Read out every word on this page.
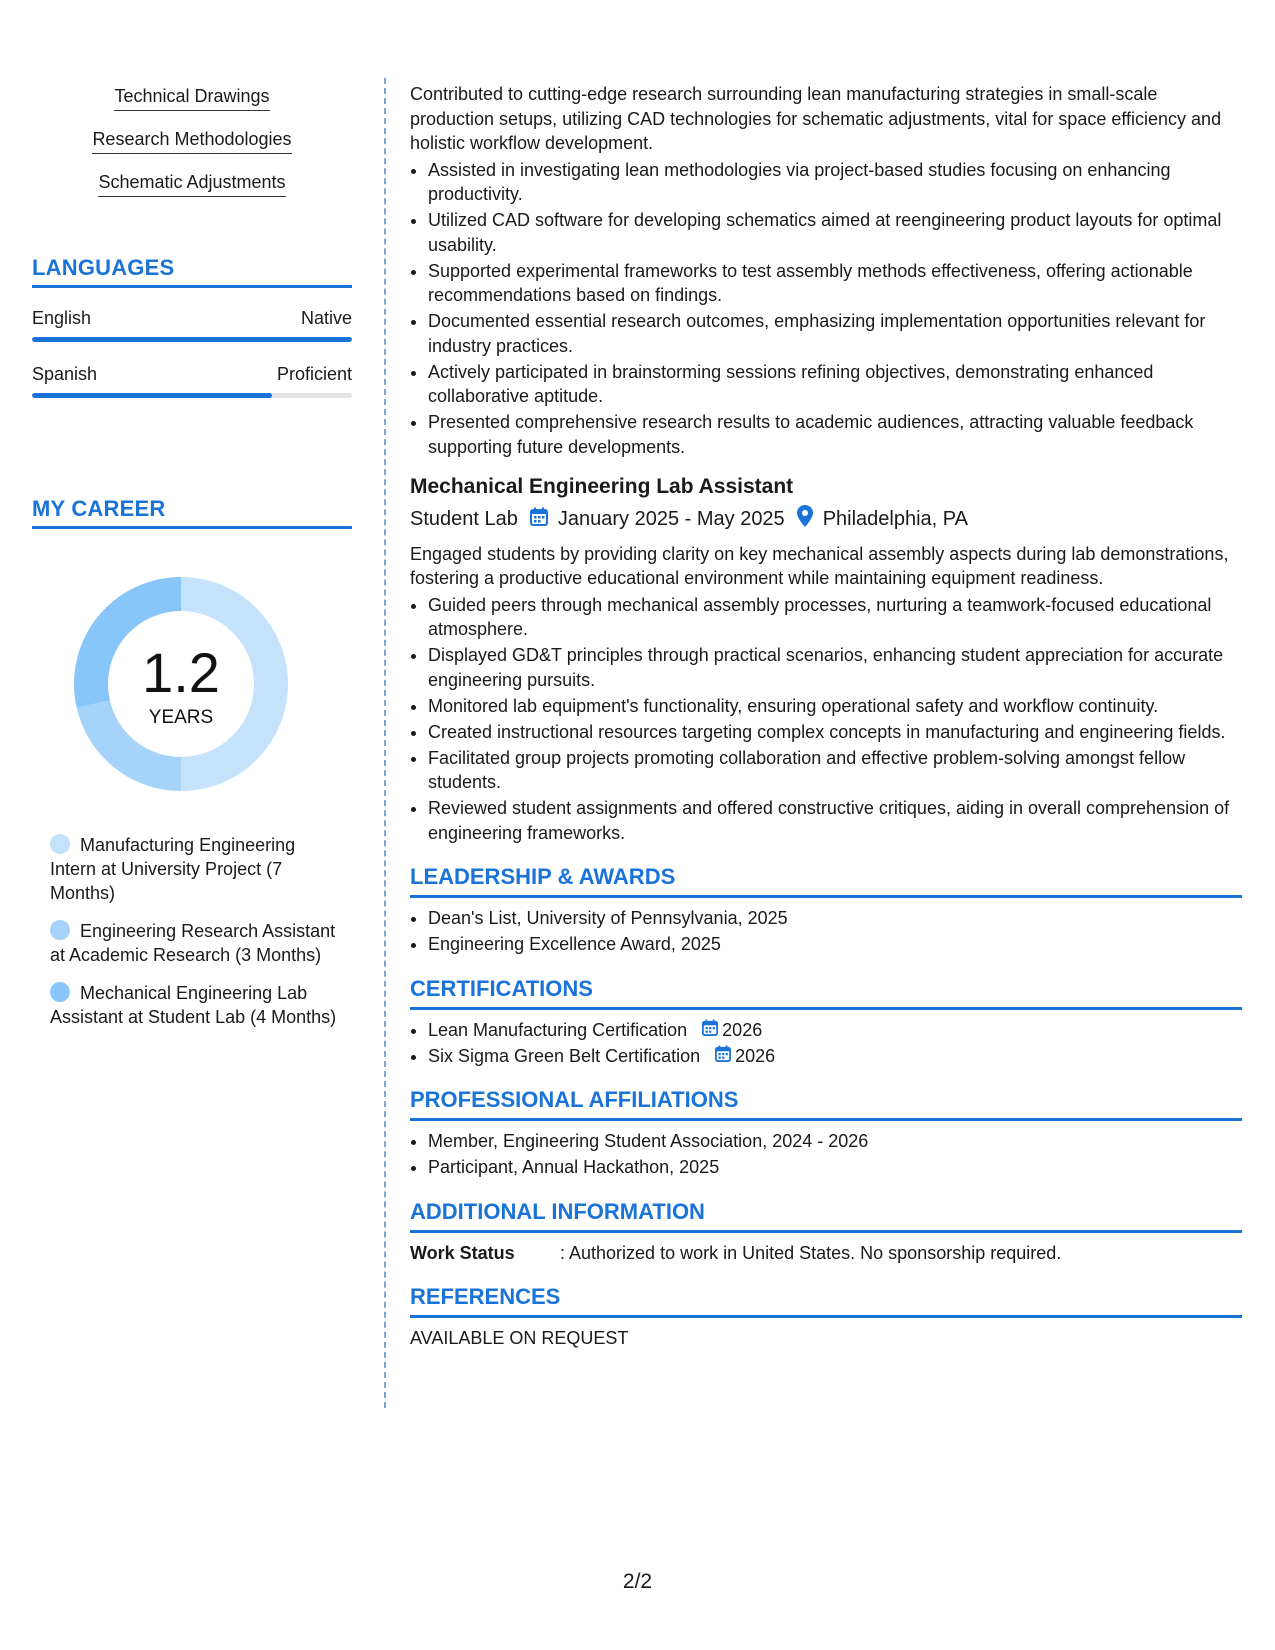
Technical Drawings
Research Methodologies
Schematic Adjustments
LANGUAGES
English	Native
Spanish	Proficient
MY CAREER
1.2
YEARS
Manufacturing Engineering Intern at University Project (7 Months)
Engineering Research Assistant at Academic Research (3 Months)
Mechanical Engineering Lab Assistant at Student Lab (4 Months)

Contributed to cutting-edge research surrounding lean manufacturing strategies in small-scale production setups, utilizing CAD technologies for schematic adjustments, vital for space efficiency and holistic workflow development.

• Assisted in investigating lean methodologies via project-based studies focusing on enhancing productivity.
• Utilized CAD software for developing schematics aimed at reengineering product layouts for optimal usability.
• Supported experimental frameworks to test assembly methods effectiveness, offering actionable recommendations based on findings.
• Documented essential research outcomes, emphasizing implementation opportunities relevant for industry practices.
• Actively participated in brainstorming sessions refining objectives, demonstrating enhanced collaborative aptitude.
• Presented comprehensive research results to academic audiences, attracting valuable feedback supporting future developments.
Mechanical Engineering Lab Assistant
Student Lab January 2025 - May 2025 Philadelphia, PA

Engaged students by providing clarity on key mechanical assembly aspects during lab demonstrations, fostering a productive educational environment while maintaining equipment readiness.

• Guided peers through mechanical assembly processes, nurturing a teamwork-focused educational atmosphere.
• Displayed GD&T principles through practical scenarios, enhancing student appreciation for accurate engineering pursuits.
• Monitored lab equipment's functionality, ensuring operational safety and workflow continuity.
• Created instructional resources targeting complex concepts in manufacturing and engineering fields.
• Facilitated group projects promoting collaboration and effective problem-solving amongst fellow students.
• Reviewed student assignments and offered constructive critiques, aiding in overall comprehension of engineering frameworks.
LEADERSHIP & AWARDS
• Dean's List, University of Pennsylvania, 2025
• Engineering Excellence Award, 2025
CERTIFICATIONS
• Lean Manufacturing Certification 2026
• Six Sigma Green Belt Certification 2026
PROFESSIONAL AFFILIATIONS
• Member, Engineering Student Association, 2024 - 2026
• Participant, Annual Hackathon, 2025
ADDITIONAL INFORMATION
Work Status	: Authorized to work in United States. No sponsorship required.
REFERENCES
AVAILABLE ON REQUEST
2/2
